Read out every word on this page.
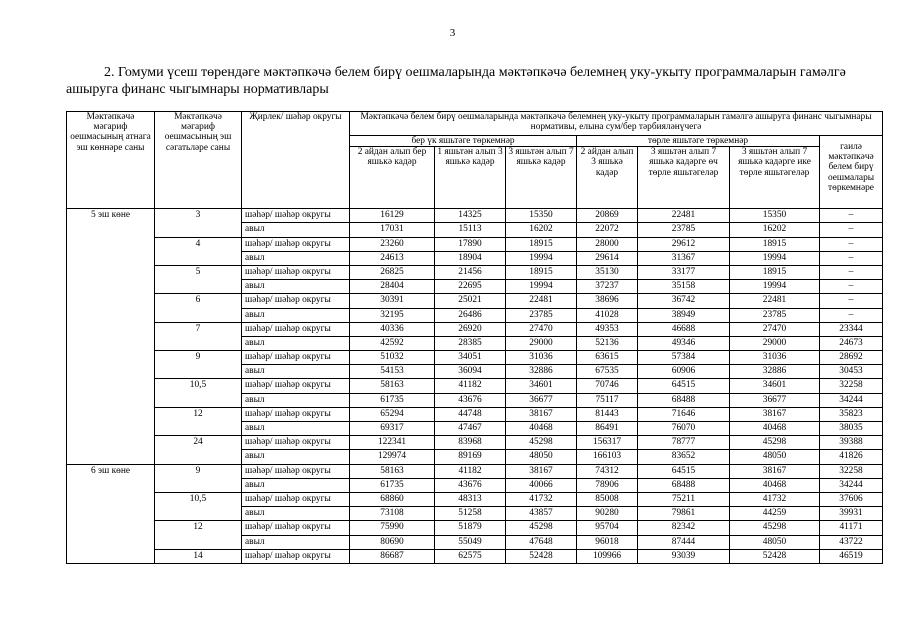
3
2. Гомуми үсеш төрендәге мәктәпкәчә белем бирү оешмаларында мәктәпкәчә белемнең уку-укыту программаларын гамәлгә ашыруга финанс чыгымнары нормативлары
Мәктәпкәчә мәгариф оешмасының атнага эш көннәре саны	Мәктәпкәчә мәгариф оешмасының эш сәгатьләре саны	Җирлек/ шәһәр округы	Мәктәпкәчә белем бирү оешмаларында мәктәпкәчә белемнең уку-укыту программаларын гамәлгә ашыруга финанс чыгымнары нормативы, елына сум/бер тәрбияләнүчегә						
			бер үк яшьтәге төркемнәр			төрле яшьтәге төркемнәр			гаилә мәктәпкәчә белем бирү оешмалары төркемнәре
			2 айдан алып бер яшькә кадәр	1 яшьтән алып 3 яшькә кадәр	3 яшьтән алып 7 яшькә кадәр	2 айдан алып 3 яшькә кадәр	3 яшьтән алып 7 яшькә кадәрге өч төрле яшьтәгеләр	3 яшьтән алып 7 яшькә кадәрге ике төрле яшьтәгеләр	
5 эш көне	3	шәһәр/ шәһәр округы	16129	14325	15350	20869	22481	15350	–
		авыл	17031	15113	16202	22072	23785	16202	–
	4	шәһәр/ шәһәр округы	23260	17890	18915	28000	29612	18915	–
		авыл	24613	18904	19994	29614	31367	19994	–
	5	шәһәр/ шәһәр округы	26825	21456	18915	35130	33177	18915	–
		авыл	28404	22695	19994	37237	35158	19994	–
	6	шәһәр/ шәһәр округы	30391	25021	22481	38696	36742	22481	–
		авыл	32195	26486	23785	41028	38949	23785	–
	7	шәһәр/ шәһәр округы	40336	26920	27470	49353	46688	27470	23344
		авыл	42592	28385	29000	52136	49346	29000	24673
	9	шәһәр/ шәһәр округы	51032	34051	31036	63615	57384	31036	28692
		авыл	54153	36094	32886	67535	60906	32886	30453
	10,5	шәһәр/ шәһәр округы	58163	41182	34601	70746	64515	34601	32258
		авыл	61735	43676	36677	75117	68488	36677	34244
	12	шәһәр/ шәһәр округы	65294	44748	38167	81443	71646	38167	35823
		авыл	69317	47467	40468	86491	76070	40468	38035
	24	шәһәр/ шәһәр округы	122341	83968	45298	156317	78777	45298	39388
		авыл	129974	89169	48050	166103	83652	48050	41826
6 эш көне	9	шәһәр/ шәһәр округы	58163	41182	38167	74312	64515	38167	32258
		авыл	61735	43676	40066	78906	68488	40468	34244
	10,5	шәһәр/ шәһәр округы	68860	48313	41732	85008	75211	41732	37606
		авыл	73108	51258	43857	90280	79861	44259	39931
	12	шәһәр/ шәһәр округы	75990	51879	45298	95704	82342	45298	41171
		авыл	80690	55049	47648	96018	87444	48050	43722
	14	шәһәр/ шәһәр округы	86687	62575	52428	109966	93039	52428	46519
